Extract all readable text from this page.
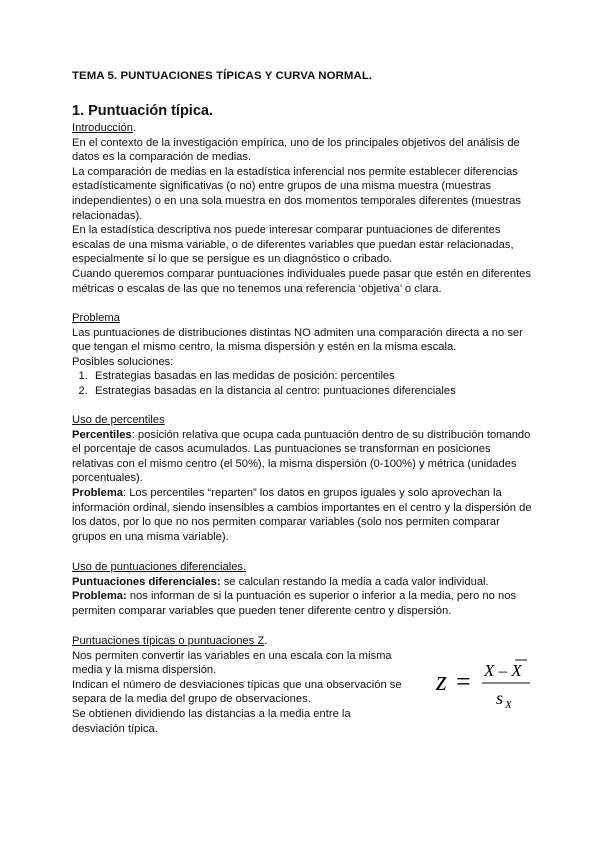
TEMA 5. PUNTUACIONES TÍPICAS Y CURVA NORMAL.
1. Puntuación típica.

Introducción.

En el contexto de la investigación empírica, uno de los principales objetivos del análisis de datos es la comparación de medias.

La comparación de medias en la estadística inferencial nos permite establecer diferencias estadísticamente significativas (o no) entre grupos de una misma muestra (muestras independientes) o en una sola muestra en dos momentos temporales diferentes (muestras relacionadas).

En la estadística descriptiva nos puede interesar comparar puntuaciones de diferentes escalas de una misma variable, o de diferentes variables que puedan estar relacionadas, especialmente si lo que se persigue es un diagnóstico o cribado.

Cuando queremos comparar puntuaciones individuales puede pasar que estén en diferentes métricas o escalas de las que no tenemos una referencia ‘objetiva’ o clara.

Problema

Las puntuaciones de distribuciones distintas NO admiten una comparación directa a no ser que tengan el mismo centro, la misma dispersión y estén en la misma escala.

Posibles soluciones:

1. Estrategias basadas en las medidas de posición: percentiles
2. Estrategias basadas en la distancia al centro: puntuaciones diferenciales

Uso de percentiles

Percentiles: posición relativa que ocupa cada puntuación dentro de su distribución tomando el porcentaje de casos acumulados. Las puntuaciones se transforman en posiciones relativas con el mismo centro (el 50%), la misma dispersión (0-100%) y métrica (unidades porcentuales).

Problema: Los percentiles “reparten” los datos en grupos iguales y solo aprovechan la información ordinal, siendo insensibles a cambios importantes en el centro y la dispersión de los datos, por lo que no nos permiten comparar variables (solo nos permiten comparar grupos en una misma variable).

Uso de puntuaciones diferenciales.

Puntuaciones diferenciales: se calculan restando la media a cada valor individual.

Problema: nos informan de si la puntuación es superior o inferior a la media, pero no nos permiten comparar variables que pueden tener diferente centro y dispersión.

Puntuaciones típicas o puntuaciones Z.

Nos permiten convertir las variables en una escala con la misma media y la misma dispersión.

Indican el número de desviaciones típicas que una observación se separa de la media del grupo de observaciones.

Se obtienen dividiendo las distancias a la media entre la desviación típica.

z = X – X
s X
